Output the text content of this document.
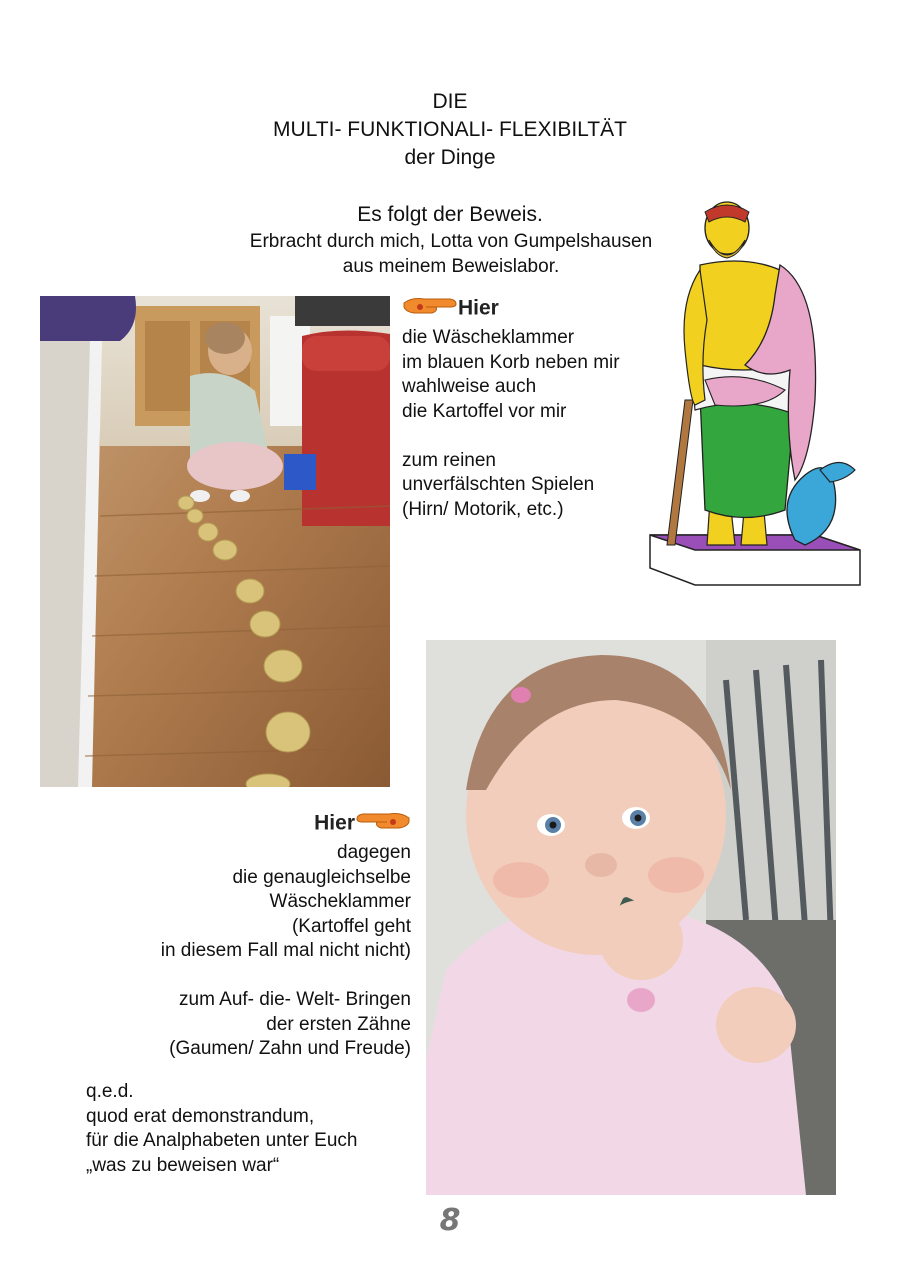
DIE
MULTI- FUNKTIONALI- FLEXIBILTÄT
der Dinge
Es folgt der Beweis.
Erbracht durch mich, Lotta von Gumpelshausen
aus meinem Beweislabor.
Hier
die Wäscheklammer
im blauen Korb neben mir
wahlweise auch
die Kartoffel vor mir
zum reinen
unverfälschten Spielen
(Hirn/ Motorik, etc.)
Hier
dagegen
die genaugleichselbe
Wäscheklammer
(Kartoffel geht
in diesem Fall mal nicht nicht)
zum Auf- die- Welt- Bringen
der ersten Zähne
(Gaumen/ Zahn und Freude)
q.e.d.
quod erat demonstrandum,
für die Analphabeten unter Euch
„was zu beweisen war“
8
